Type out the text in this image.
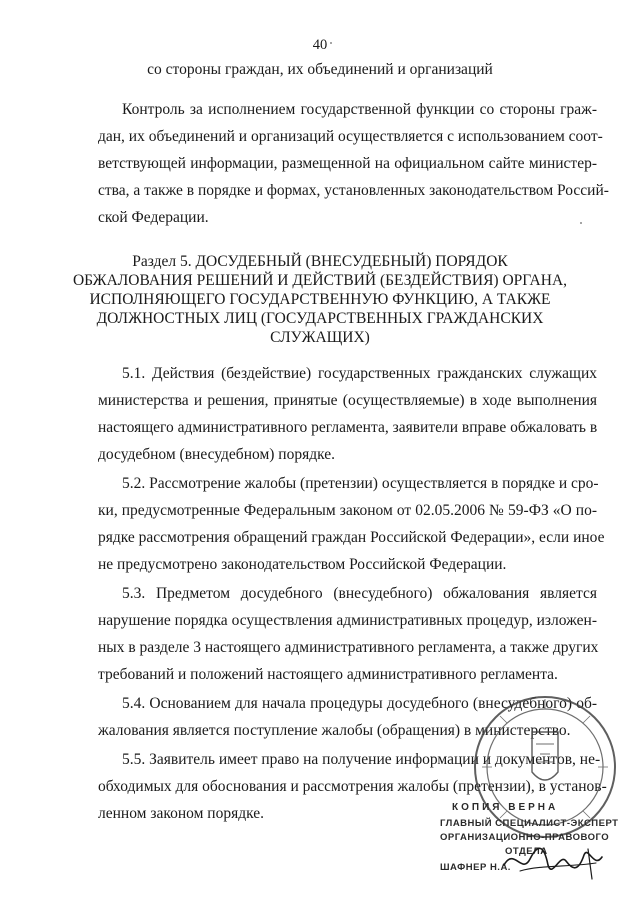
40

со стороны граждан, их объединений и организаций

Контроль за исполнением государственной функции со стороны граж-

дан, их объединений и организаций осуществляется с использованием соот-

ветствующей информации, размещенной на официальном сайте министер-

ства, а также в порядке и формах, установленных законодательством Россий-

ской Федерации.

Раздел 5. ДОСУДЕБНЫЙ (ВНЕСУДЕБНЫЙ) ПОРЯДОК

ОБЖАЛОВАНИЯ РЕШЕНИЙ И ДЕЙСТВИЙ (БЕЗДЕЙСТВИЯ) ОРГАНА,

ИСПОЛНЯЮЩЕГО ГОСУДАРСТВЕННУЮ ФУНКЦИЮ, А ТАКЖЕ

ДОЛЖНОСТНЫХ ЛИЦ (ГОСУДАРСТВЕННЫХ ГРАЖДАНСКИХ

СЛУЖАЩИХ)

5.1. Действия (бездействие) государственных гражданских служащих

министерства и решения, принятые (осуществляемые) в ходе выполнения

настоящего административного регламента, заявители вправе обжаловать в

досудебном (внесудебном) порядке.

5.2. Рассмотрение жалобы (претензии) осуществляется в порядке и сро-

ки, предусмотренные Федеральным законом от 02.05.2006 № 59-ФЗ «О по-

рядке рассмотрения обращений граждан Российской Федерации», если иное

не предусмотрено законодательством Российской Федерации.

5.3. Предметом досудебного (внесудебного) обжалования является

нарушение порядка осуществления административных процедур, изложен-

ных в разделе 3 настоящего административного регламента, а также других

требований и положений настоящего административного регламента.

5.4. Основанием для начала процедуры досудебного (внесудебного) об-

жалования является поступление жалобы (обращения) в министерство.

5.5. Заявитель имеет право на получение информации и документов, не-

обходимых для обоснования и рассмотрения жалобы (претензии), в установ-

ленном законом порядке.	КОПИЯ ВЕРНА

ГЛАВНЫЙ СПЕЦИАЛИСТ-ЭКСПЕРТ

ОРГАНИЗАЦИОННО-ПРАВОВОГО

ОТДЕЛА

ШАФНЕР Н.А.
